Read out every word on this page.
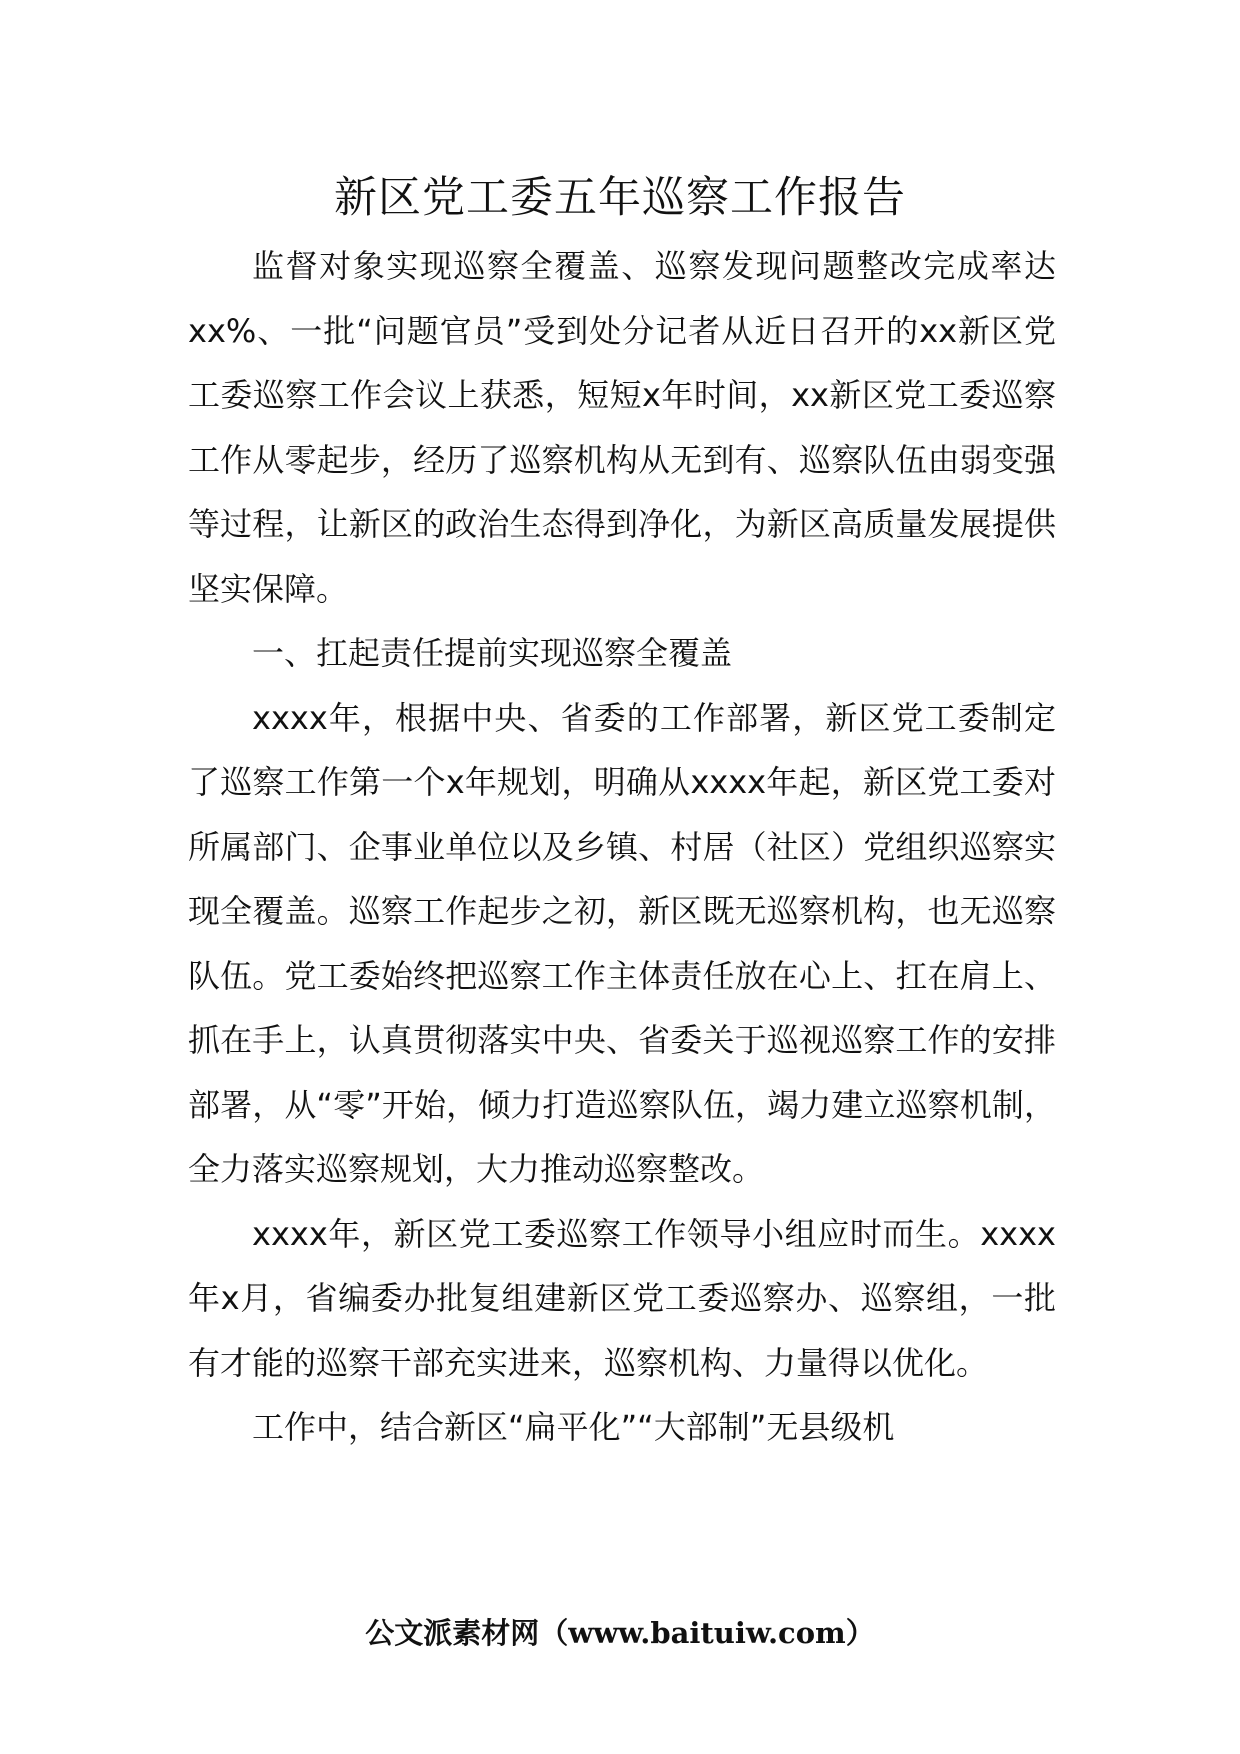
新区党工委五年巡察工作报告

监督对象实现巡察全覆盖、巡察发现问题整改完成率达xx%、一批“问题官员”受到处分记者从近日召开的xx新区党工委巡察工作会议上获悉，短短x年时间，xx新区党工委巡察工作从零起步，经历了巡察机构从无到有、巡察队伍由弱变强等过程，让新区的政治生态得到净化，为新区高质量发展提供坚实保障。

一、扛起责任提前实现巡察全覆盖

xxxx年，根据中央、省委的工作部署，新区党工委制定了巡察工作第一个x年规划，明确从xxxx年起，新区党工委对所属部门、企事业单位以及乡镇、村居（社区）党组织巡察实现全覆盖。巡察工作起步之初，新区既无巡察机构，也无巡察队伍。党工委始终把巡察工作主体责任放在心上、扛在肩上、抓在手上，认真贯彻落实中央、省委关于巡视巡察工作的安排部署，从“零”开始，倾力打造巡察队伍，竭力建立巡察机制，全力落实巡察规划，大力推动巡察整改。

xxxx年，新区党工委巡察工作领导小组应时而生。xxxx年x月，省编委办批复组建新区党工委巡察办、巡察组，一批有才能的巡察干部充实进来，巡察机构、力量得以优化。

工作中，结合新区“扁平化”“大部制”无县级机

公文派素材网（www.baituiw.com）
